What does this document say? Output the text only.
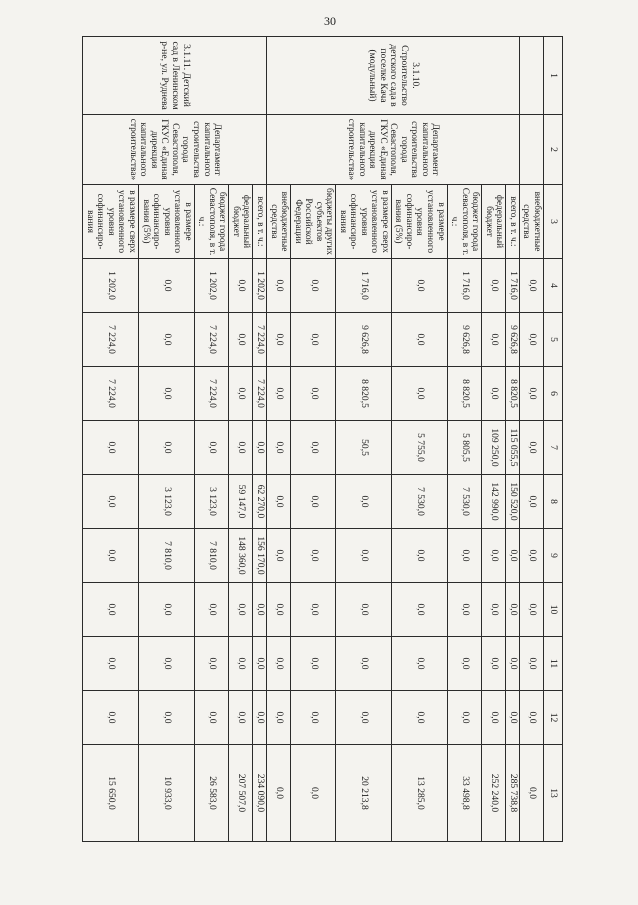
30
1	2	3	4	5	6	7	8	9	10	11	12	13
		внебюджетные средства	0,0	0,0	0,0	0,0	0,0	0,0	0,0	0,0	0,0	0,0
3.1.10. Строительство детского сада в поселке Кача (модульный)	Департамент капитального строительства города Севастополя, ГКУС «Единая дирекция капитального строительства»	всего, в т. ч.:	1 716,0	9 626,8	8 820,5	115 055,5	150 520,0	0,0	0,0	0,0	0,0	285 738,8
		федеральный бюджет	0,0	0,0	0,0	109 250,0	142 990,0	0,0	0,0	0,0	0,0	252 240,0
		бюджет города Севастополя, в т. ч.:	1 716,0	9 626,8	8 820,5	5 805,5	7 530,0	0,0	0,0	0,0	0,0	33 498,8
		в размере установленного уровня софинансиро-вания (5%)	0,0	0,0	0,0	5 755,0	7 530,0	0,0	0,0	0,0	0,0	13 285,0
		в размере сверх установленного уровня софинансиро-вания	1 716,0	9 626,8	8 820,5	50,5	0,0	0,0	0,0	0,0	0,0	20 213,8
		бюджеты других субъектов Российской Федерации	0,0	0,0	0,0	0,0	0,0	0,0	0,0	0,0	0,0	0,0
		внебюджетные средства	0,0	0,0	0,0	0,0	0,0	0,0	0,0	0,0	0,0	0,0
3.1.11. Детский сад в Ленинском р-не, ул. Руднева	Департамент капитального строительства города Севастополя, ГКУС «Единая дирекция капитального строительства»	всего, в т. ч.:	1 202,0	7 224,0	7 224,0	0,0	62 270,0	156 170,0	0,0	0,0	0,0	234 090,0
		федеральный бюджет	0,0	0,0	0,0	0,0	59 147,0	148 360,0	0,0	0,0	0,0	207 507,0
		бюджет города Севастополя, в т. ч.:	1 202,0	7 224,0	7 224,0	0,0	3 123,0	7 810,0	0,0	0,0	0,0	26 583,0
		в размере установленного уровня софинансиро-вания (5%)	0,0	0,0	0,0	0,0	3 123,0	7 810,0	0,0	0,0	0,0	10 933,0
		в размере сверх установленного уровня софинансиро-вания	1 202,0	7 224,0	7 224,0	0,0	0,0	0,0	0,0	0,0	0,0	15 650,0
